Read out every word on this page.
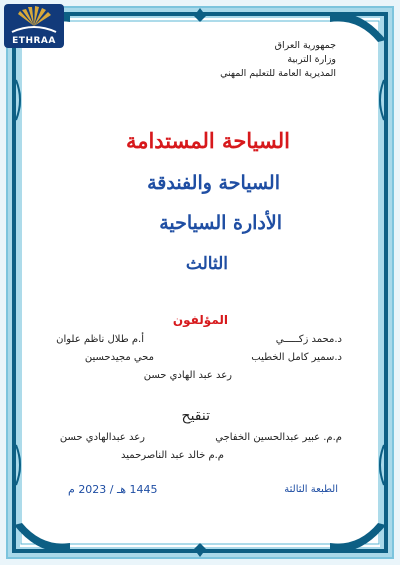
ETHRAA	جمهورية العراق
وزارة التربية
المديرية العامة للتعليم المهني
السياحة المستدامة
السياحة والفندقة
الأدارة السياحية
الثالث
المؤلفون
د.محمد زكـــــي
أ.م طلال ناظم علوان
د.سمير كامل الخطيب
محي مجيدحسين
رعد عبد الهادي حسن
تنقيح
م.م. عبير عبدالحسين الخفاجي
رعد عبدالهادي حسن
م.م خالد عبد الناصرحميد
الطبعة الثالثة
1445 هـ / 2023 م
